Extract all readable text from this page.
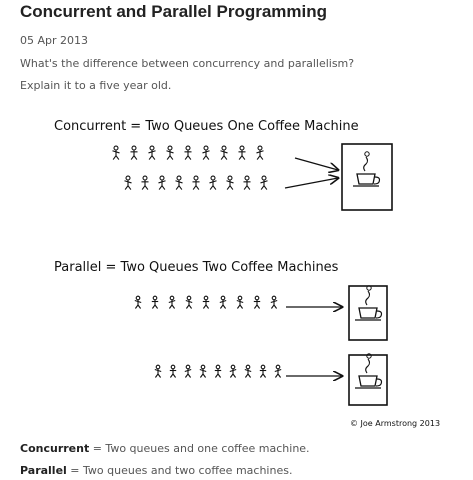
Concurrent and Parallel Programming
05 Apr 2013
What's the difference between concurrency and parallelism?
Explain it to a five year old.
Concurrent = Two Queues One Coffee Machine
Parallel = Two Queues Two Coffee Machines
© Joe Armstrong 2013
Concurrent = Two queues and one coffee machine.
Parallel = Two queues and two coffee machines.
